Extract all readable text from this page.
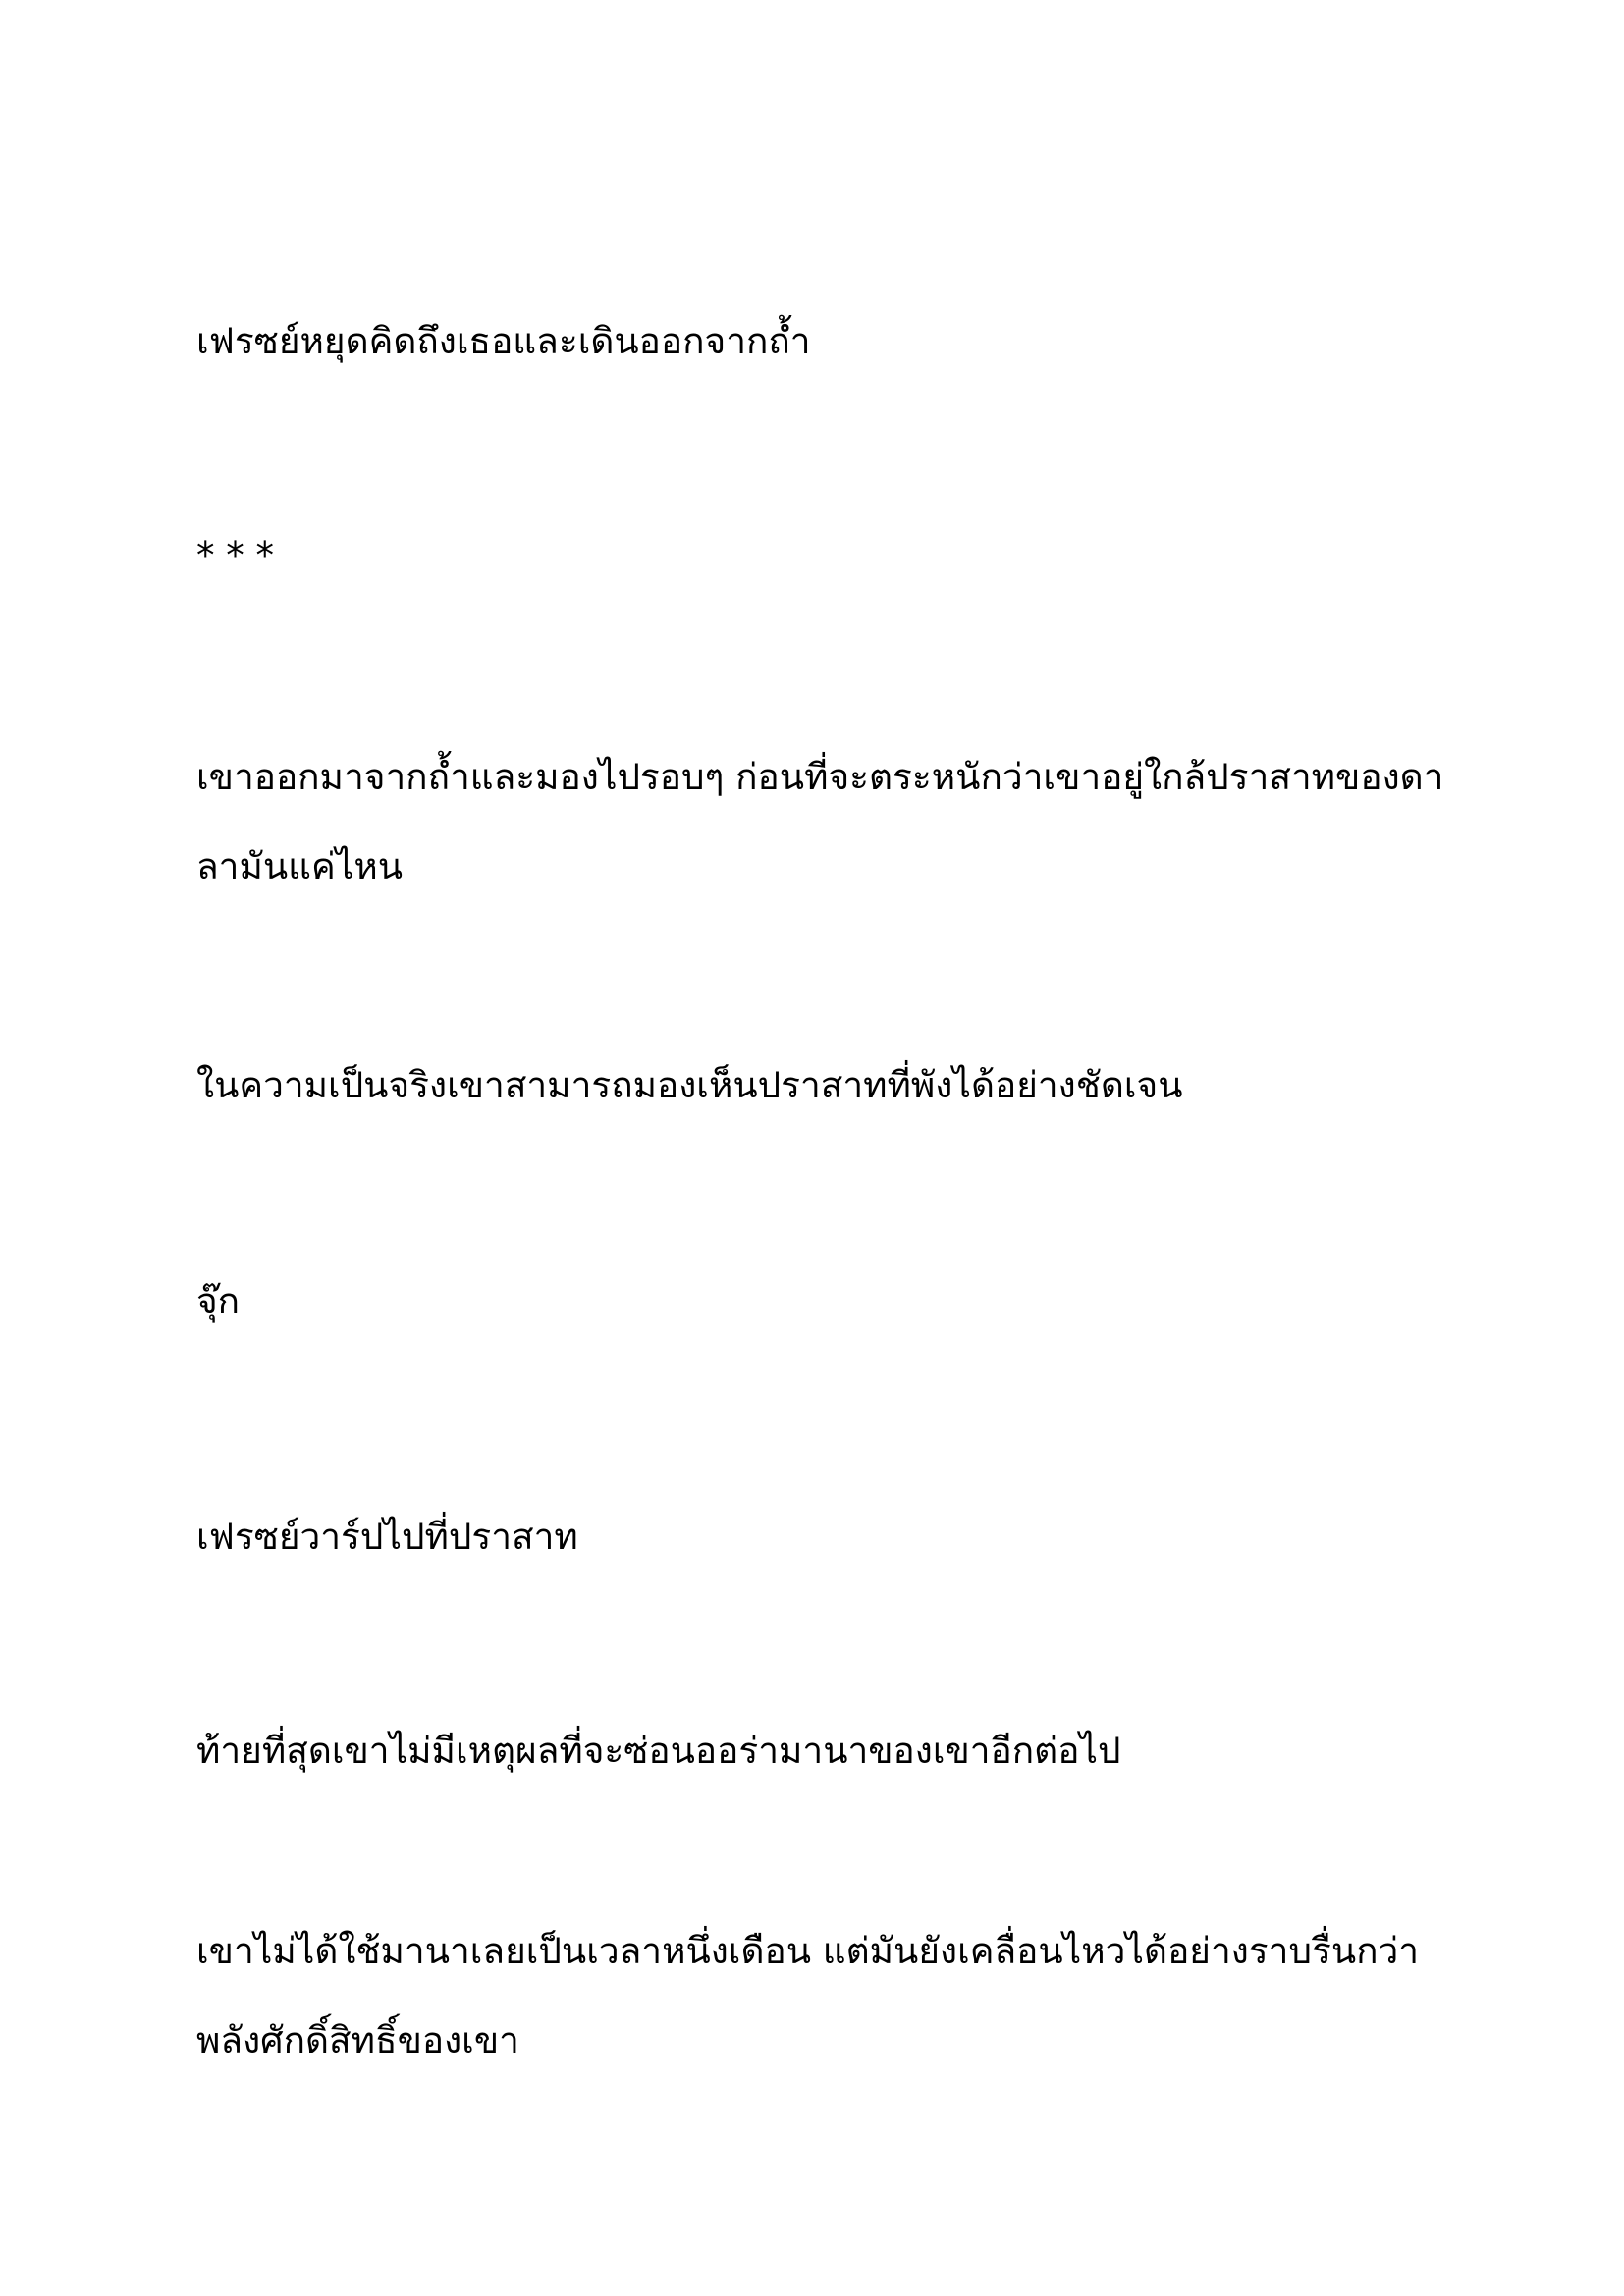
เฟรซย์หยุดคิดถึงเธอและเดินออกจากถ้ำ

* * *

เขาออกมาจากถ้ำและมองไปรอบๆ ก่อนที่จะตระหนักว่าเขาอยู่ใกล้ปราสาทของดาลามันแค่ไหน

ในความเป็นจริงเขาสามารถมองเห็นปราสาทที่พังได้อย่างชัดเจน

จุ๊ก

เฟรซย์วาร์ปไปที่ปราสาท

ท้ายที่สุดเขาไม่มีเหตุผลที่จะซ่อนออร่ามานาของเขาอีกต่อไป

เขาไม่ได้ใช้มานาเลยเป็นเวลาหนึ่งเดือน แต่มันยังเคลื่อนไหวได้อย่างราบรื่นกว่าพลังศักดิ์สิทธิ์ของเขา
